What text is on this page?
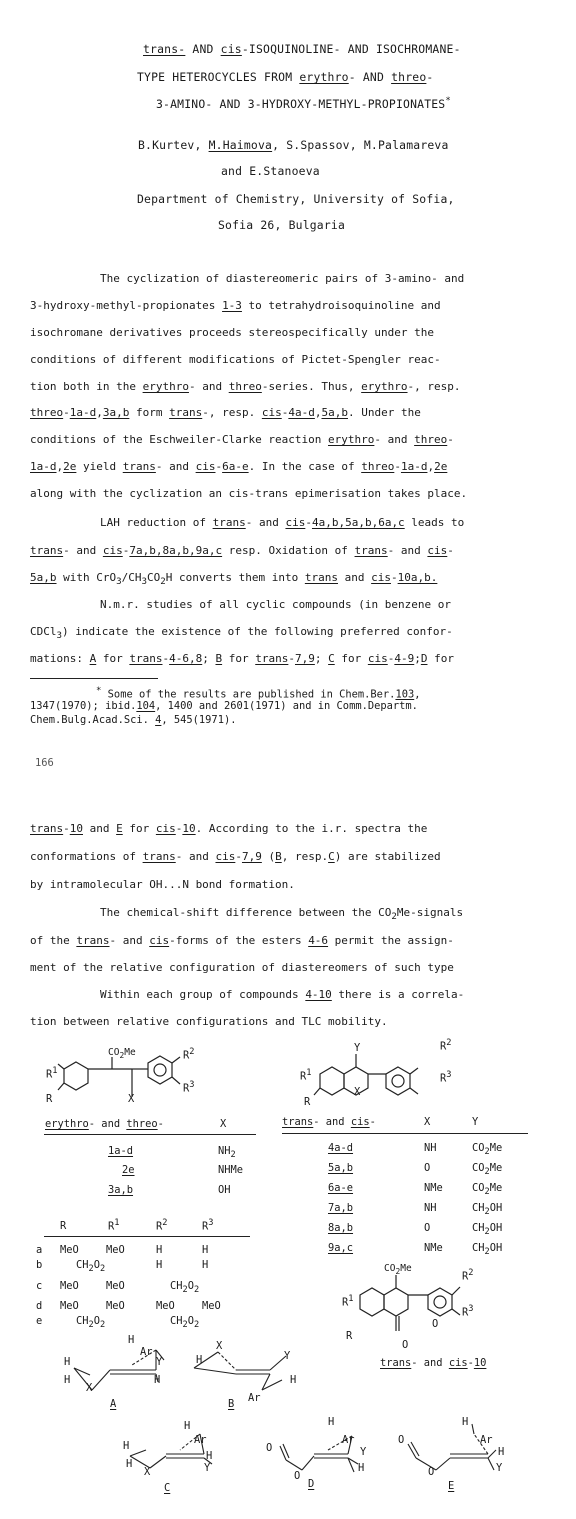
trans- AND cis-ISOQUINOLINE- AND ISOCHROMANE-
TYPE HETEROCYCLES FROM erythro- AND threo-
3-AMINO- AND 3-HYDROXY-METHYL-PROPIONATES*
B.Kurtev, M.Haimova, S.Spassov, M.Palamareva
and E.Stanoeva
Department of Chemistry, University of Sofia,
Sofia 26, Bulgaria
The cyclization of diastereomeric pairs of 3-amino- and
3-hydroxy-methyl-propionates 1-3 to tetrahydroisoquinoline and
isochromane derivatives proceeds stereospecifically under the
conditions of different modifications of Pictet-Spengler reac-
tion both in the erythro- and threo-series. Thus, erythro-, resp.
threo-1a-d,3a,b form trans-, resp. cis-4a-d,5a,b. Under the
conditions of the Eschweiler-Clarke reaction erythro- and threo-
1a-d,2e yield trans- and cis-6a-e. In the case of threo-1a-d,2e
along with the cyclization an cis-trans epimerisation takes place.
LAH reduction of trans- and cis-4a,b,5a,b,6a,c leads to
trans- and cis-7a,b,8a,b,9a,c resp. Oxidation of trans- and cis-
5a,b with $CrO_3/CH_3CO_2H$ converts them into trans and cis-10a,b.
N.m.r. studies of all cyclic compounds (in benzene or
CDCl$_3$) indicate the existence of the following preferred confor-
mations: A for trans-4-6,8; B for trans-7,9; C for cis-4-9;D for
* Some of the results are published in Chem.Ber.103,
1347(1970); ibid.104, 1400 and 2601(1971) and in Comm.Departm.
Chem.Bulg.Acad.Sci. 4, 545(1971).
166
trans-10 and E for cis-10. According to the i.r. spectra the
conformations of trans- and cis-7,9 (B, resp.C) are stabilized
by intramolecular OH...N bond formation.
The chemical-shift difference between the $CO_2Me$-signals
of the trans- and cis-forms of the esters 4-6 permit the assign-
ment of the relative configuration of diastereomers of such type
Within each group of compounds 4-10 there is a correla-
tion between relative configurations and TLC mobility.
$CO_2Me$
$R^1$
R
$R^2$
$R^3$
X
erythro- and threo-	X
1a-d	$NH_2$
2e	NHMe
3a,b	OH
Y
$R^1$
R
$R^2$
$R^3$
X
trans- and cis-	X	Y
4a-d	NH	$CO_2Me$
5a,b	O	$CO_2Me$
6a-e	NMe	$CO_2Me$
7a,b	NH	$CH_2OH$
8a,b	O	$CH_2OH$
9a,c	NMe	$CH_2OH$
R	$R^1$	$R^2$	$R^3$
a MeO	MeO	H	H
b	$CH_2O_2$	H	H
c MeO	MeO	$CH_2O_2$
d MeO	MeO	MeO	MeO
e	$CH_2O_2$	$CH_2O_2$
$CO_2Me$
$R^1$
R
$R^2$
$R^3$
O
O
trans- and cis-10
H
H
X
H
Ar
Y
H
A
H
X
Y
H
Ar
B
H
H
X
H
Ar
H
Y
C
O
O
H
Ar
Y
H
D
O
O
H
Ar
H
Y
E
